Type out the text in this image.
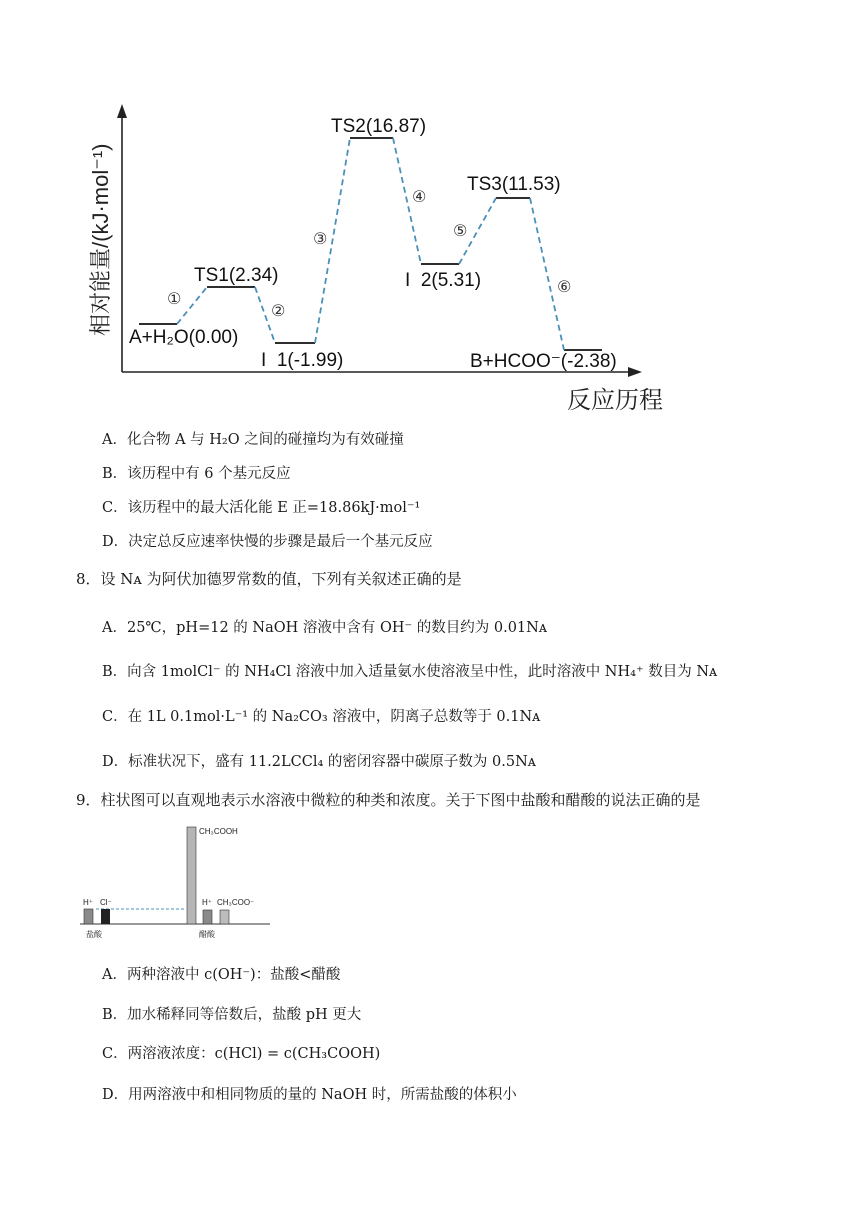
相对能量/(kJ·mol⁻¹)
反应历程
A+H₂O(0.00)
TS1(2.34)
I  1(-1.99)
TS2(16.87)
I  2(5.31)
TS3(11.53)
B+HCOO⁻(-2.38)
①
②
③
④
⑤
⑥
A．化合物 A 与 H₂O 之间的碰撞均为有效碰撞
B．该历程中有 6 个基元反应
C．该历程中的最大活化能 E 正=18.86kJ·mol⁻¹
D．决定总反应速率快慢的步骤是最后一个基元反应
8．设 Nᴀ 为阿伏加德罗常数的值，下列有关叙述正确的是
A．25℃，pH=12 的 NaOH 溶液中含有 OH⁻ 的数目约为 0.01Nᴀ
B．向含 1molCl⁻ 的 NH₄Cl 溶液中加入适量氨水使溶液呈中性，此时溶液中 NH₄⁺ 数目为 Nᴀ
C．在 1L 0.1mol·L⁻¹ 的 Na₂CO₃ 溶液中，阴离子总数等于 0.1Nᴀ
D．标准状况下，盛有 11.2LCCl₄ 的密闭容器中碳原子数为 0.5Nᴀ
9．柱状图可以直观地表示水溶液中微粒的种类和浓度。关于下图中盐酸和醋酸的说法正确的是
H⁺ Cl⁻
CH₃COOH
H⁺ CH₃COO⁻
盐酸	醋酸
A．两种溶液中 c(OH⁻)：盐酸<醋酸
B．加水稀释同等倍数后，盐酸 pH 更大
C．两溶液浓度：c(HCl) = c(CH₃COOH)
D．用两溶液中和相同物质的量的 NaOH 时，所需盐酸的体积小
